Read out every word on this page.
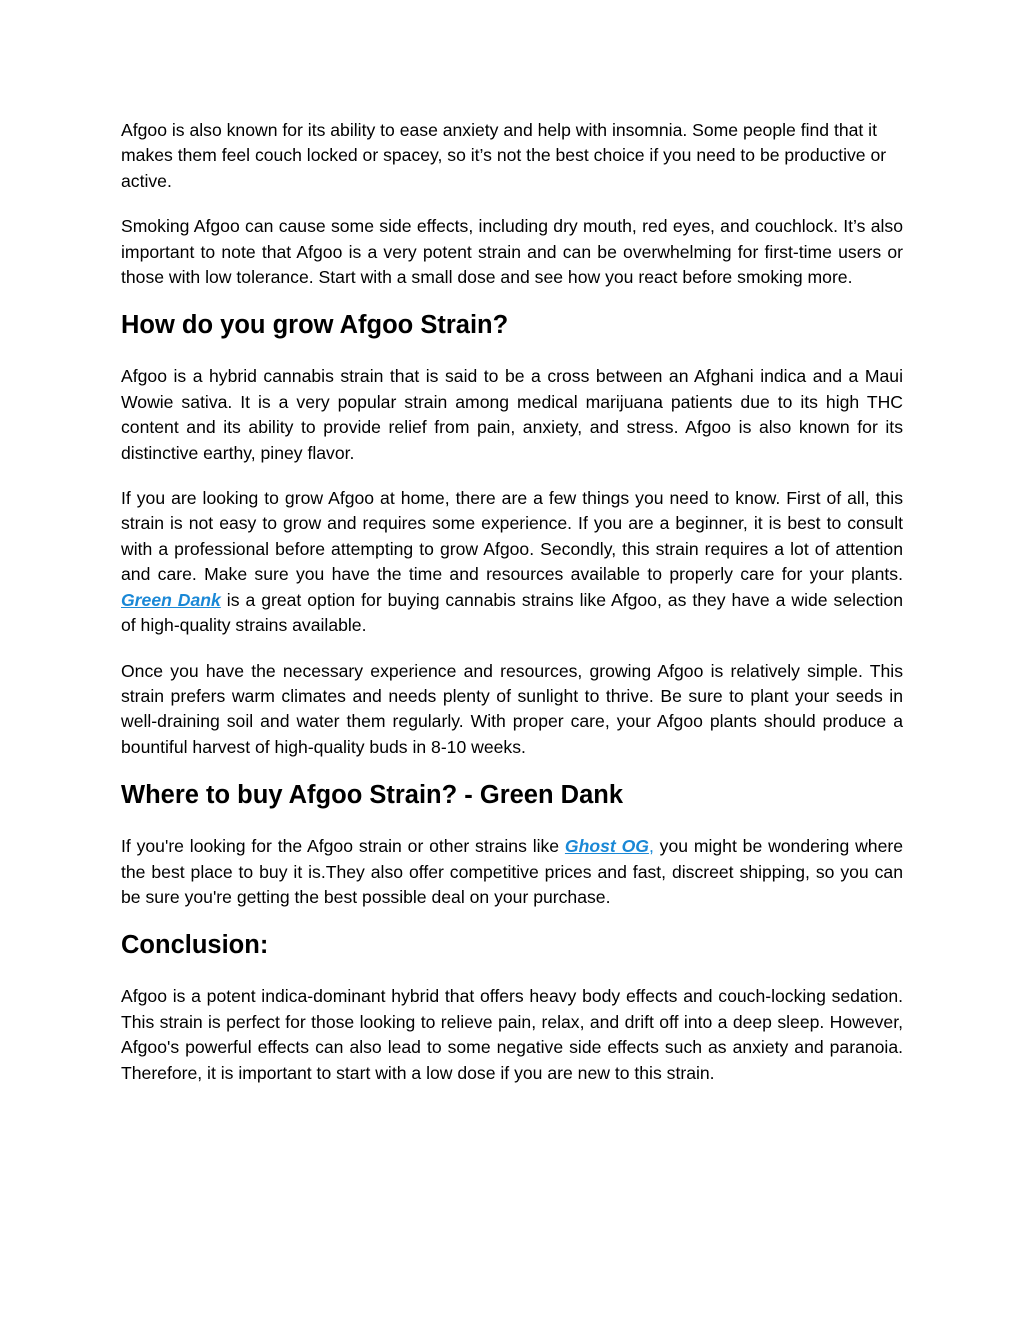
Afgoo is also known for its ability to ease anxiety and help with insomnia. Some people find that it makes them feel couch locked or spacey, so it’s not the best choice if you need to be productive or active.

Smoking Afgoo can cause some side effects, including dry mouth, red eyes, and couchlock. It’s also important to note that Afgoo is a very potent strain and can be overwhelming for first-time users or those with low tolerance. Start with a small dose and see how you react before smoking more.

How do you grow Afgoo Strain?

Afgoo is a hybrid cannabis strain that is said to be a cross between an Afghani indica and a Maui Wowie sativa. It is a very popular strain among medical marijuana patients due to its high THC content and its ability to provide relief from pain, anxiety, and stress. Afgoo is also known for its distinctive earthy, piney flavor.

If you are looking to grow Afgoo at home, there are a few things you need to know. First of all, this strain is not easy to grow and requires some experience. If you are a beginner, it is best to consult with a professional before attempting to grow Afgoo. Secondly, this strain requires a lot of attention and care. Make sure you have the time and resources available to properly care for your plants. Green Dank is a great option for buying cannabis strains like Afgoo, as they have a wide selection of high-quality strains available.

Once you have the necessary experience and resources, growing Afgoo is relatively simple. This strain prefers warm climates and needs plenty of sunlight to thrive. Be sure to plant your seeds in well-draining soil and water them regularly. With proper care, your Afgoo plants should produce a bountiful harvest of high-quality buds in 8-10 weeks.

Where to buy Afgoo Strain? - Green Dank

If you're looking for the Afgoo strain or other strains like Ghost OG, you might be wondering where the best place to buy it is.They also offer competitive prices and fast, discreet shipping, so you can be sure you're getting the best possible deal on your purchase.

Conclusion:

Afgoo is a potent indica-dominant hybrid that offers heavy body effects and couch-locking sedation. This strain is perfect for those looking to relieve pain, relax, and drift off into a deep sleep. However, Afgoo's powerful effects can also lead to some negative side effects such as anxiety and paranoia. Therefore, it is important to start with a low dose if you are new to this strain.
